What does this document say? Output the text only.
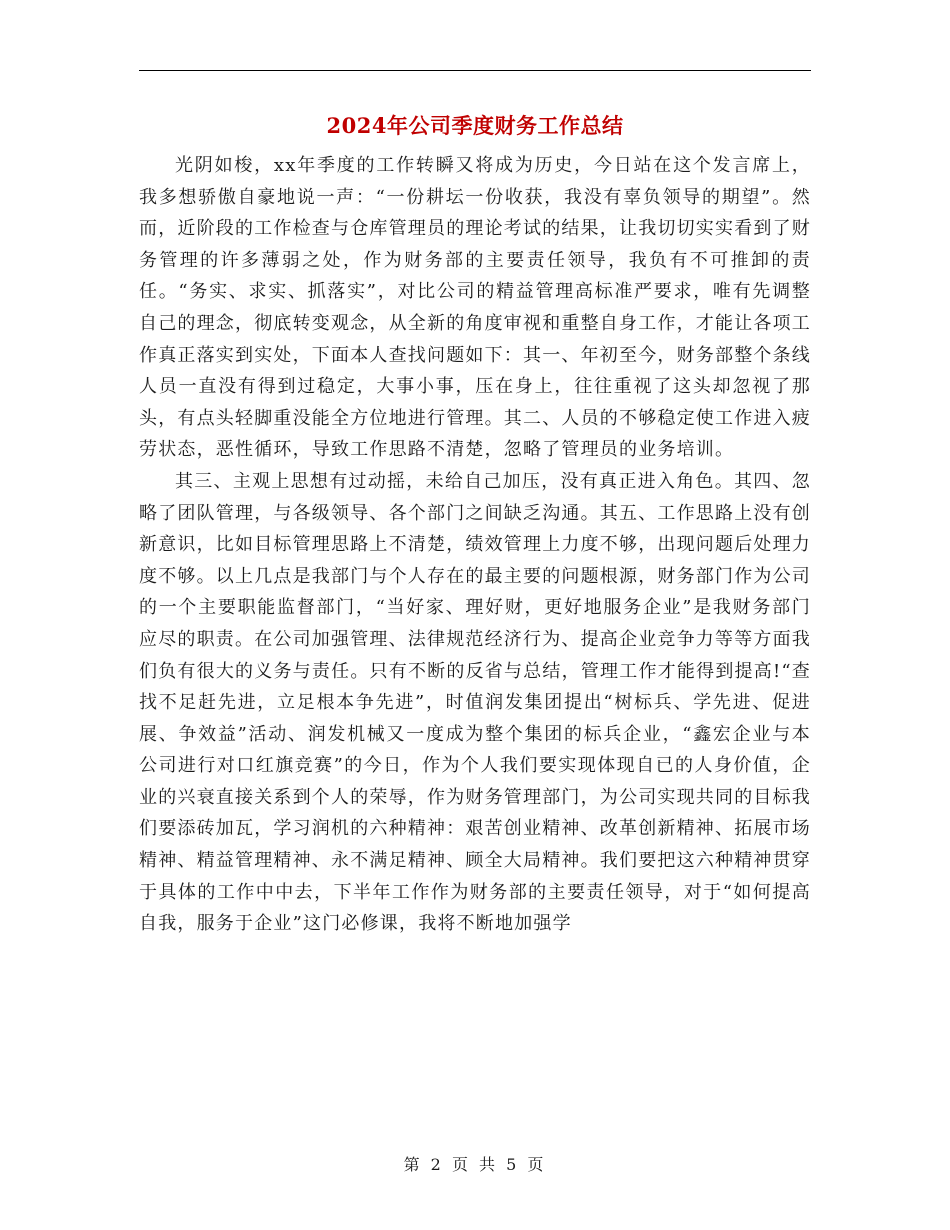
2024年公司季度财务工作总结

光阴如梭，xx年季度的工作转瞬又将成为历史，今日站在这个发言席上，我多想骄傲自豪地说一声：“一份耕坛一份收获，我没有辜负领导的期望”。然而，近阶段的工作检查与仓库管理员的理论考试的结果，让我切切实实看到了财务管理的许多薄弱之处，作为财务部的主要责任领导，我负有不可推卸的责任。“务实、求实、抓落实”，对比公司的精益管理高标准严要求，唯有先调整自己的理念，彻底转变观念，从全新的角度审视和重整自身工作，才能让各项工作真正落实到实处，下面本人查找问题如下：其一、年初至今，财务部整个条线人员一直没有得到过稳定，大事小事，压在身上，往往重视了这头却忽视了那头，有点头轻脚重没能全方位地进行管理。其二、人员的不够稳定使工作进入疲劳状态，恶性循环，导致工作思路不清楚，忽略了管理员的业务培训。

其三、主观上思想有过动摇，未给自己加压，没有真正进入角色。其四、忽略了团队管理，与各级领导、各个部门之间缺乏沟通。其五、工作思路上没有创新意识，比如目标管理思路上不清楚，绩效管理上力度不够，出现问题后处理力度不够。以上几点是我部门与个人存在的最主要的问题根源，财务部门作为公司的一个主要职能监督部门，“当好家、理好财，更好地服务企业”是我财务部门应尽的职责。在公司加强管理、法律规范经济行为、提高企业竞争力等等方面我们负有很大的义务与责任。只有不断的反省与总结，管理工作才能得到提高!“查找不足赶先进，立足根本争先进”，时值润发集团提出“树标兵、学先进、促进展、争效益”活动、润发机械又一度成为整个集团的标兵企业，“鑫宏企业与本公司进行对口红旗竞赛”的今日，作为个人我们要实现体现自已的人身价值，企业的兴衰直接关系到个人的荣辱，作为财务管理部门，为公司实现共同的目标我们要添砖加瓦，学习润机的六种精神：艰苦创业精神、改革创新精神、拓展市场精神、精益管理精神、永不满足精神、顾全大局精神。我们要把这六种精神贯穿于具体的工作中中去，下半年工作作为财务部的主要责任领导，对于“如何提高自我，服务于企业”这门必修课，我将不断地加强学

第 2 页 共 5 页
